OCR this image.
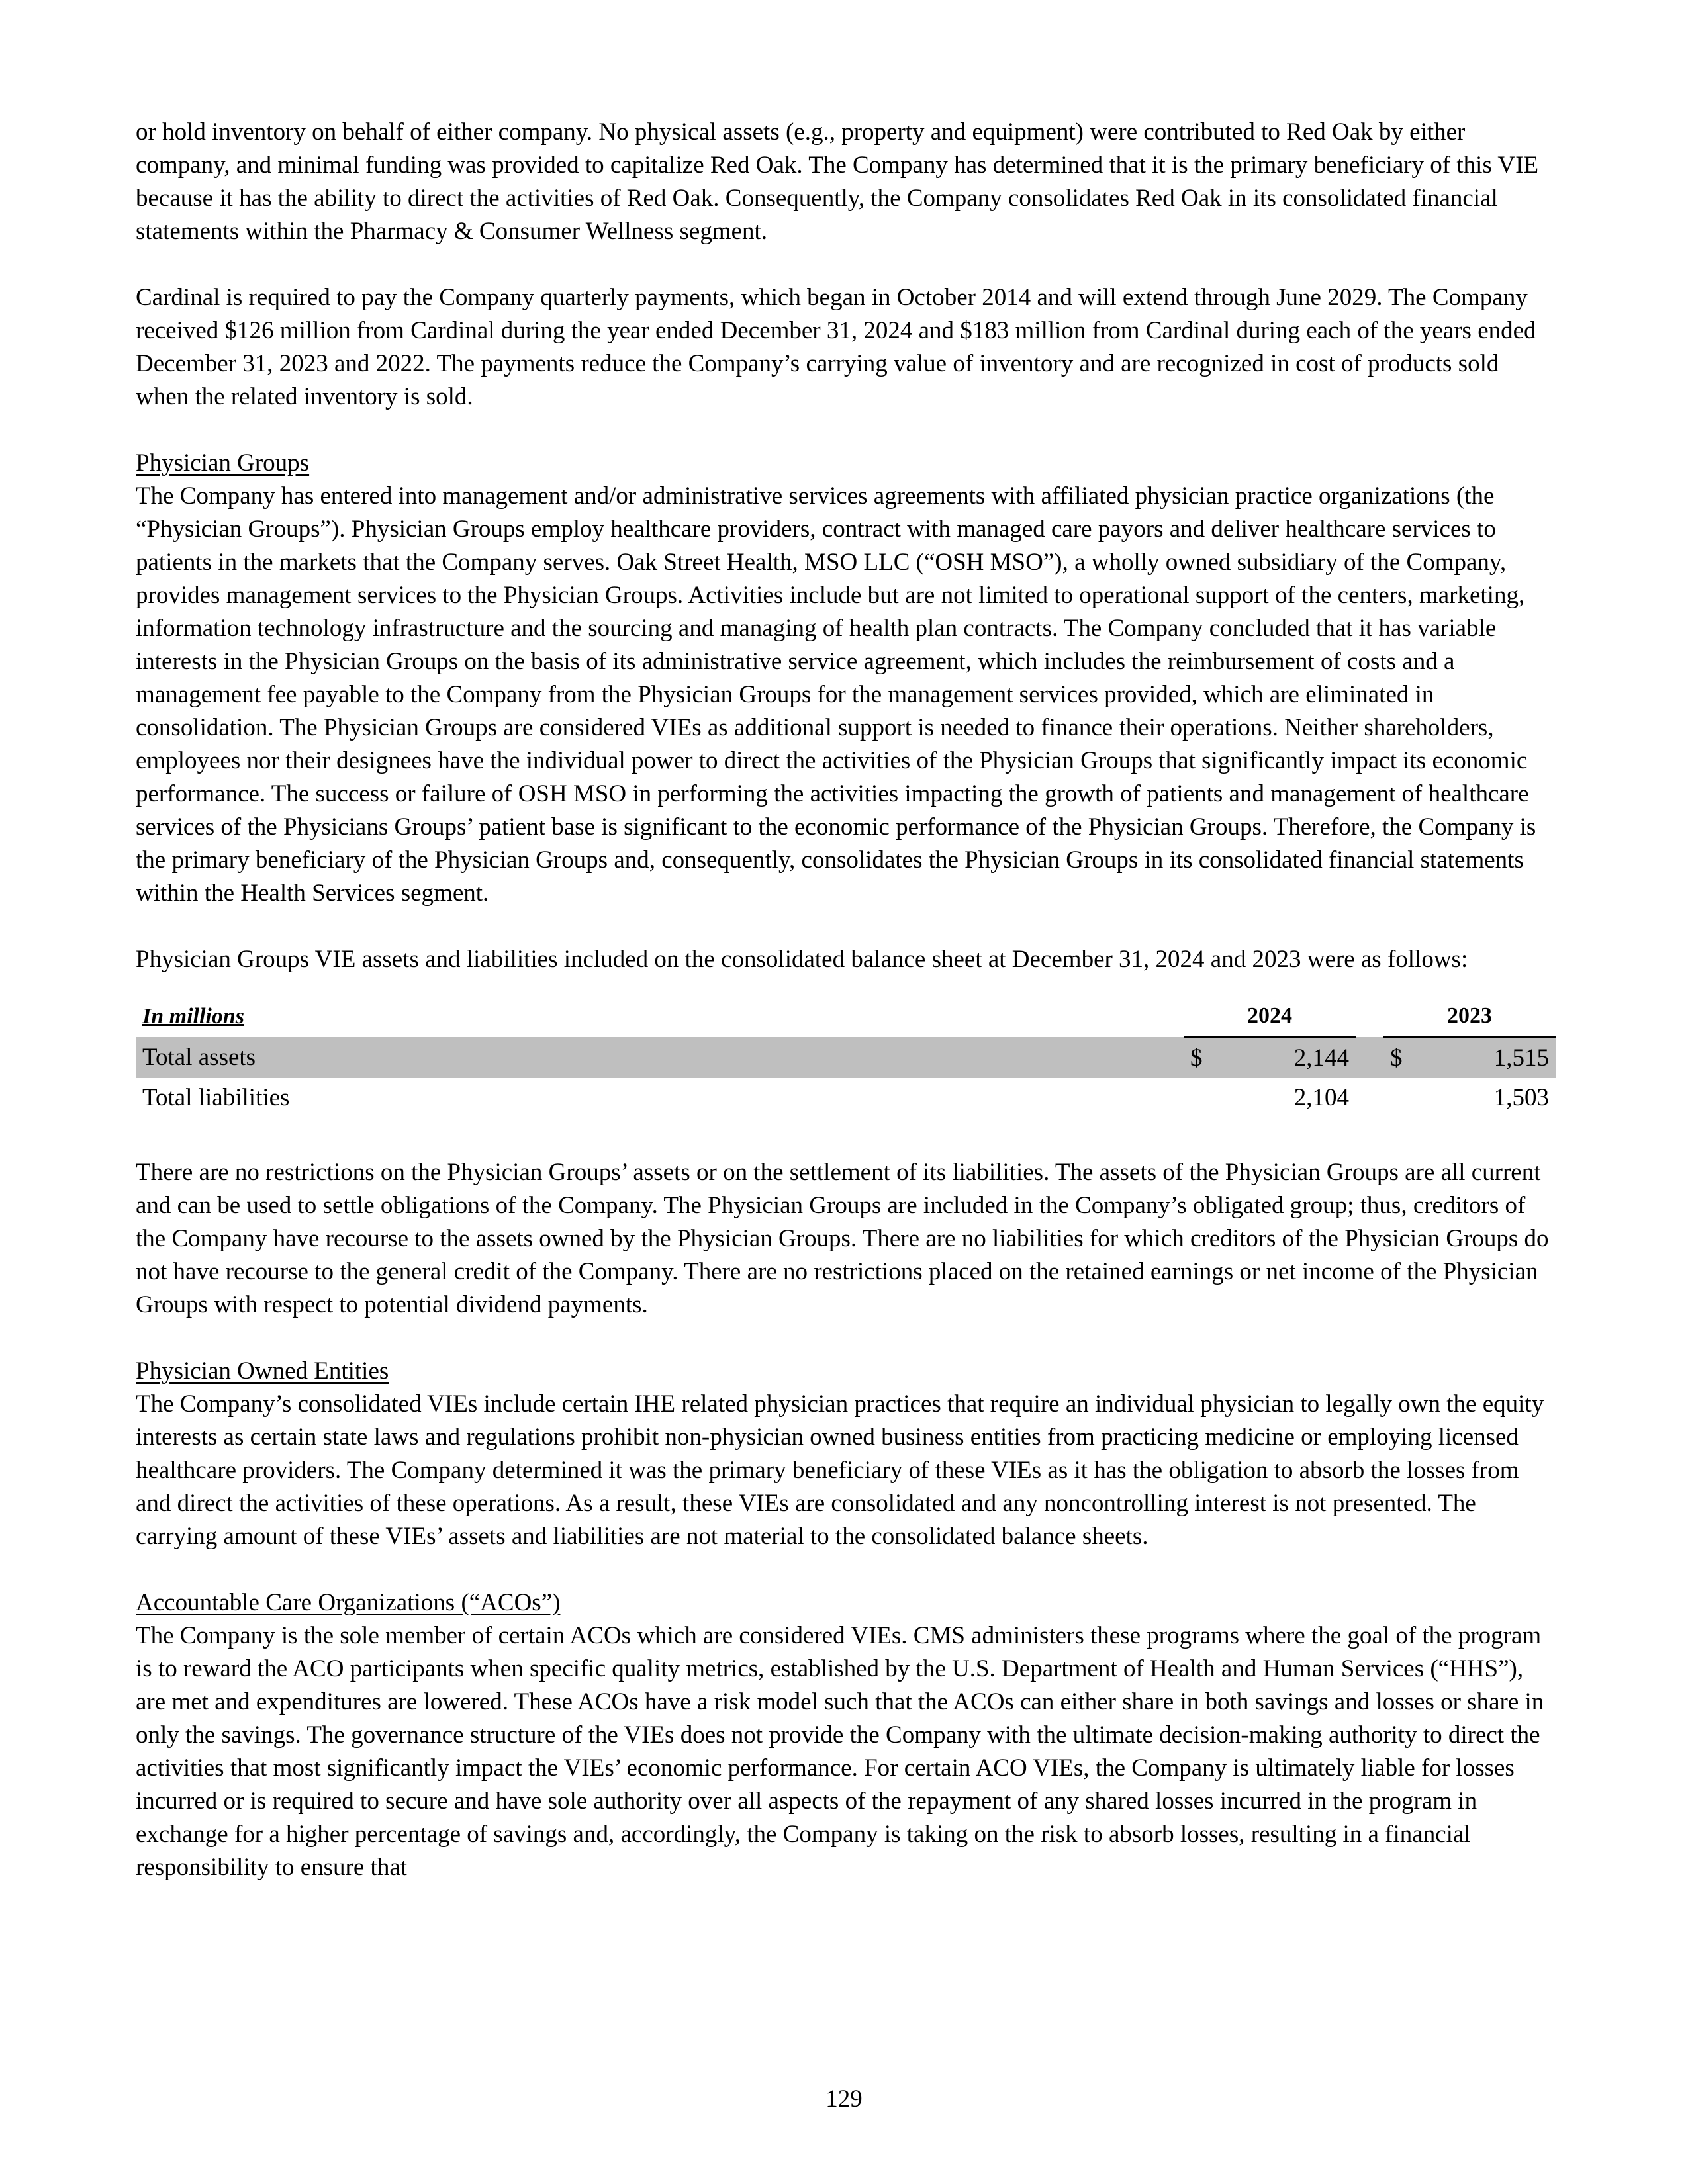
or hold inventory on behalf of either company. No physical assets (e.g., property and equipment) were contributed to Red Oak by either company, and minimal funding was provided to capitalize Red Oak. The Company has determined that it is the primary beneficiary of this VIE because it has the ability to direct the activities of Red Oak. Consequently, the Company consolidates Red Oak in its consolidated financial statements within the Pharmacy & Consumer Wellness segment.

Cardinal is required to pay the Company quarterly payments, which began in October 2014 and will extend through June 2029. The Company received $126 million from Cardinal during the year ended December 31, 2024 and $183 million from Cardinal during each of the years ended December 31, 2023 and 2022. The payments reduce the Company’s carrying value of inventory and are recognized in cost of products sold when the related inventory is sold.

Physician Groups

The Company has entered into management and/or administrative services agreements with affiliated physician practice organizations (the “Physician Groups”). Physician Groups employ healthcare providers, contract with managed care payors and deliver healthcare services to patients in the markets that the Company serves. Oak Street Health, MSO LLC (“OSH MSO”), a wholly owned subsidiary of the Company, provides management services to the Physician Groups. Activities include but are not limited to operational support of the centers, marketing, information technology infrastructure and the sourcing and managing of health plan contracts. The Company concluded that it has variable interests in the Physician Groups on the basis of its administrative service agreement, which includes the reimbursement of costs and a management fee payable to the Company from the Physician Groups for the management services provided, which are eliminated in consolidation. The Physician Groups are considered VIEs as additional support is needed to finance their operations. Neither shareholders, employees nor their designees have the individual power to direct the activities of the Physician Groups that significantly impact its economic performance. The success or failure of OSH MSO in performing the activities impacting the growth of patients and management of healthcare services of the Physicians Groups’ patient base is significant to the economic performance of the Physician Groups. Therefore, the Company is the primary beneficiary of the Physician Groups and, consequently, consolidates the Physician Groups in its consolidated financial statements within the Health Services segment.

Physician Groups VIE assets and liabilities included on the consolidated balance sheet at December 31, 2024 and 2023 were as follows:

In millions	2024			2023	
Total assets	$	2,144		$	1,515
Total liabilities		2,104			1,503

There are no restrictions on the Physician Groups’ assets or on the settlement of its liabilities. The assets of the Physician Groups are all current and can be used to settle obligations of the Company. The Physician Groups are included in the Company’s obligated group; thus, creditors of the Company have recourse to the assets owned by the Physician Groups. There are no liabilities for which creditors of the Physician Groups do not have recourse to the general credit of the Company. There are no restrictions placed on the retained earnings or net income of the Physician Groups with respect to potential dividend payments.

Physician Owned Entities

The Company’s consolidated VIEs include certain IHE related physician practices that require an individual physician to legally own the equity interests as certain state laws and regulations prohibit non-physician owned business entities from practicing medicine or employing licensed healthcare providers. The Company determined it was the primary beneficiary of these VIEs as it has the obligation to absorb the losses from and direct the activities of these operations. As a result, these VIEs are consolidated and any noncontrolling interest is not presented. The carrying amount of these VIEs’ assets and liabilities are not material to the consolidated balance sheets.

Accountable Care Organizations (“ACOs”)

The Company is the sole member of certain ACOs which are considered VIEs. CMS administers these programs where the goal of the program is to reward the ACO participants when specific quality metrics, established by the U.S. Department of Health and Human Services (“HHS”), are met and expenditures are lowered. These ACOs have a risk model such that the ACOs can either share in both savings and losses or share in only the savings. The governance structure of the VIEs does not provide the Company with the ultimate decision-making authority to direct the activities that most significantly impact the VIEs’ economic performance. For certain ACO VIEs, the Company is ultimately liable for losses incurred or is required to secure and have sole authority over all aspects of the repayment of any shared losses incurred in the program in exchange for a higher percentage of savings and, accordingly, the Company is taking on the risk to absorb losses, resulting in a financial responsibility to ensure that

129
